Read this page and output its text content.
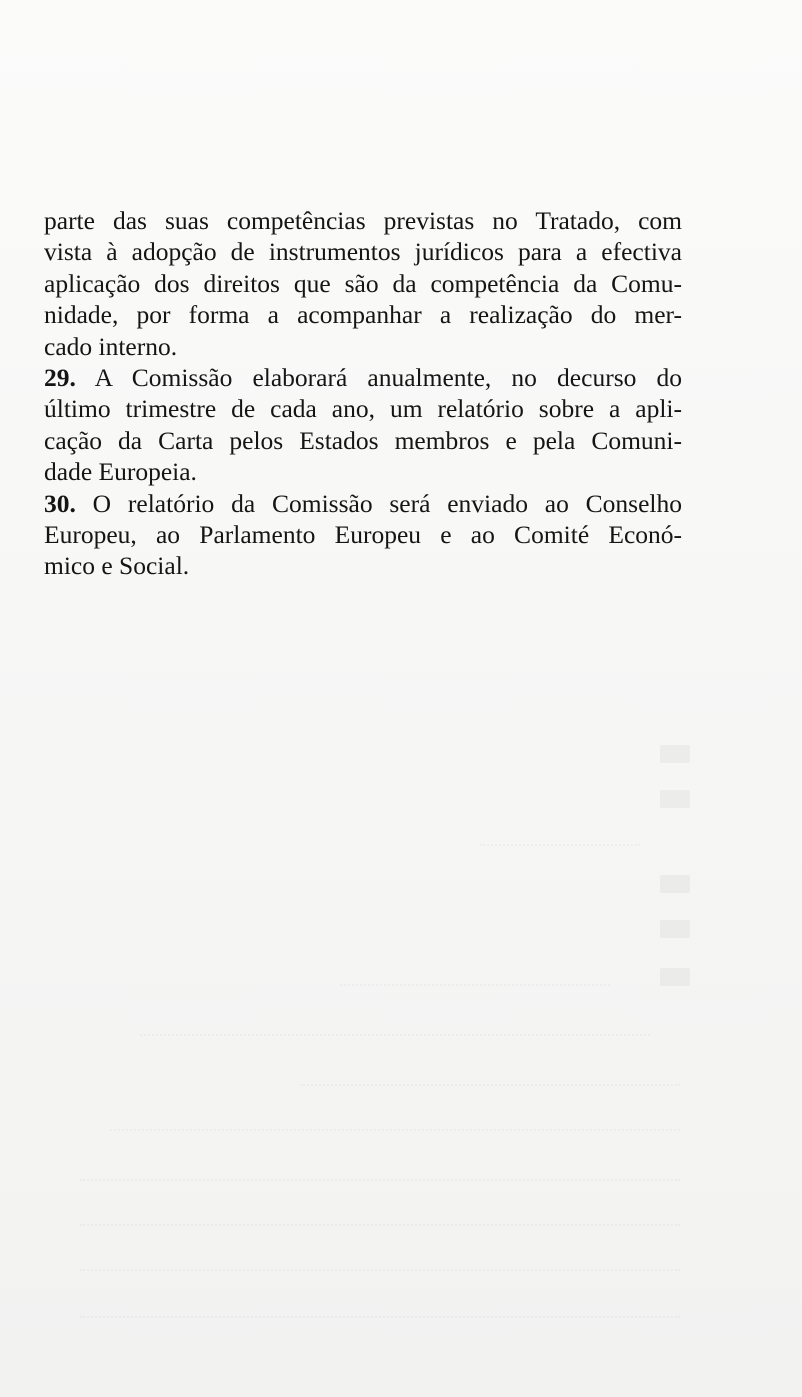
parte das suas competências previstas no Tratado, com
vista à adopção de instrumentos jurídicos para a efectiva
aplicação dos direitos que são da competência da Comu-
nidade, por forma a acompanhar a realização do mer-
cado interno.
29. A Comissão elaborará anualmente, no decurso do
último trimestre de cada ano, um relatório sobre a apli-
cação da Carta pelos Estados membros e pela Comuni-
dade Europeia.
30. O relatório da Comissão será enviado ao Conselho
Europeu, ao Parlamento Europeu e ao Comité Econó-
mico e Social.
